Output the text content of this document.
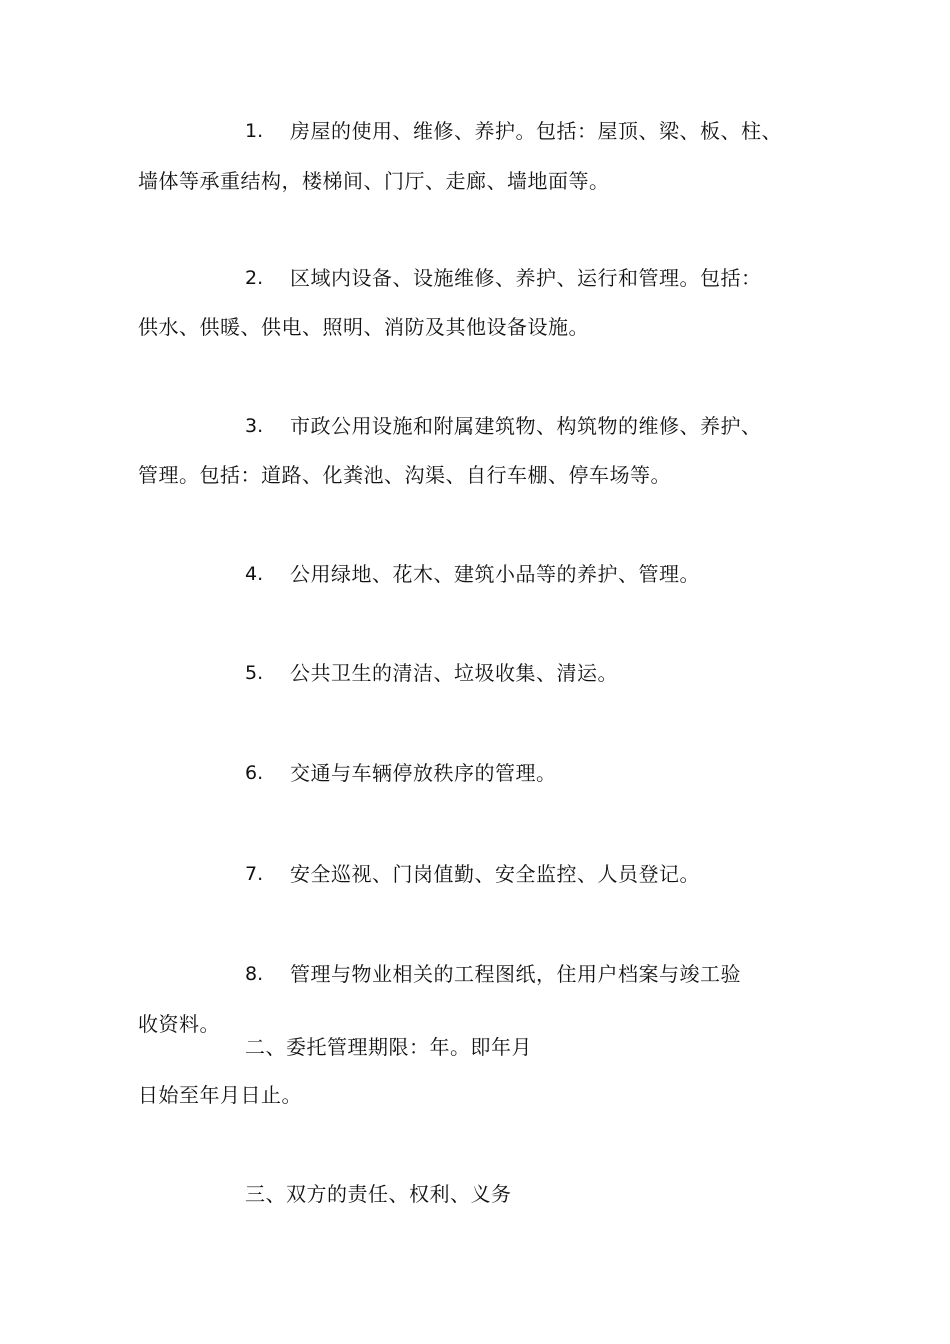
1. 房屋的使用、维修、养护。包括：屋顶、梁、板、柱、
墙体等承重结构，楼梯间、门厅、走廊、墙地面等。
2. 区域内设备、设施维修、养护、运行和管理。包括：
供水、供暖、供电、照明、消防及其他设备设施。
3. 市政公用设施和附属建筑物、构筑物的维修、养护、
管理。包括：道路、化粪池、沟渠、自行车棚、停车场等。
4. 公用绿地、花木、建筑小品等的养护、管理。
5. 公共卫生的清洁、垃圾收集、清运。
6. 交通与车辆停放秩序的管理。
7. 安全巡视、门岗值勤、安全监控、人员登记。
8. 管理与物业相关的工程图纸，住用户档案与竣工验
收资料。
二、委托管理期限：年。即年月
日始至年月日止。
三、双方的责任、权利、义务
